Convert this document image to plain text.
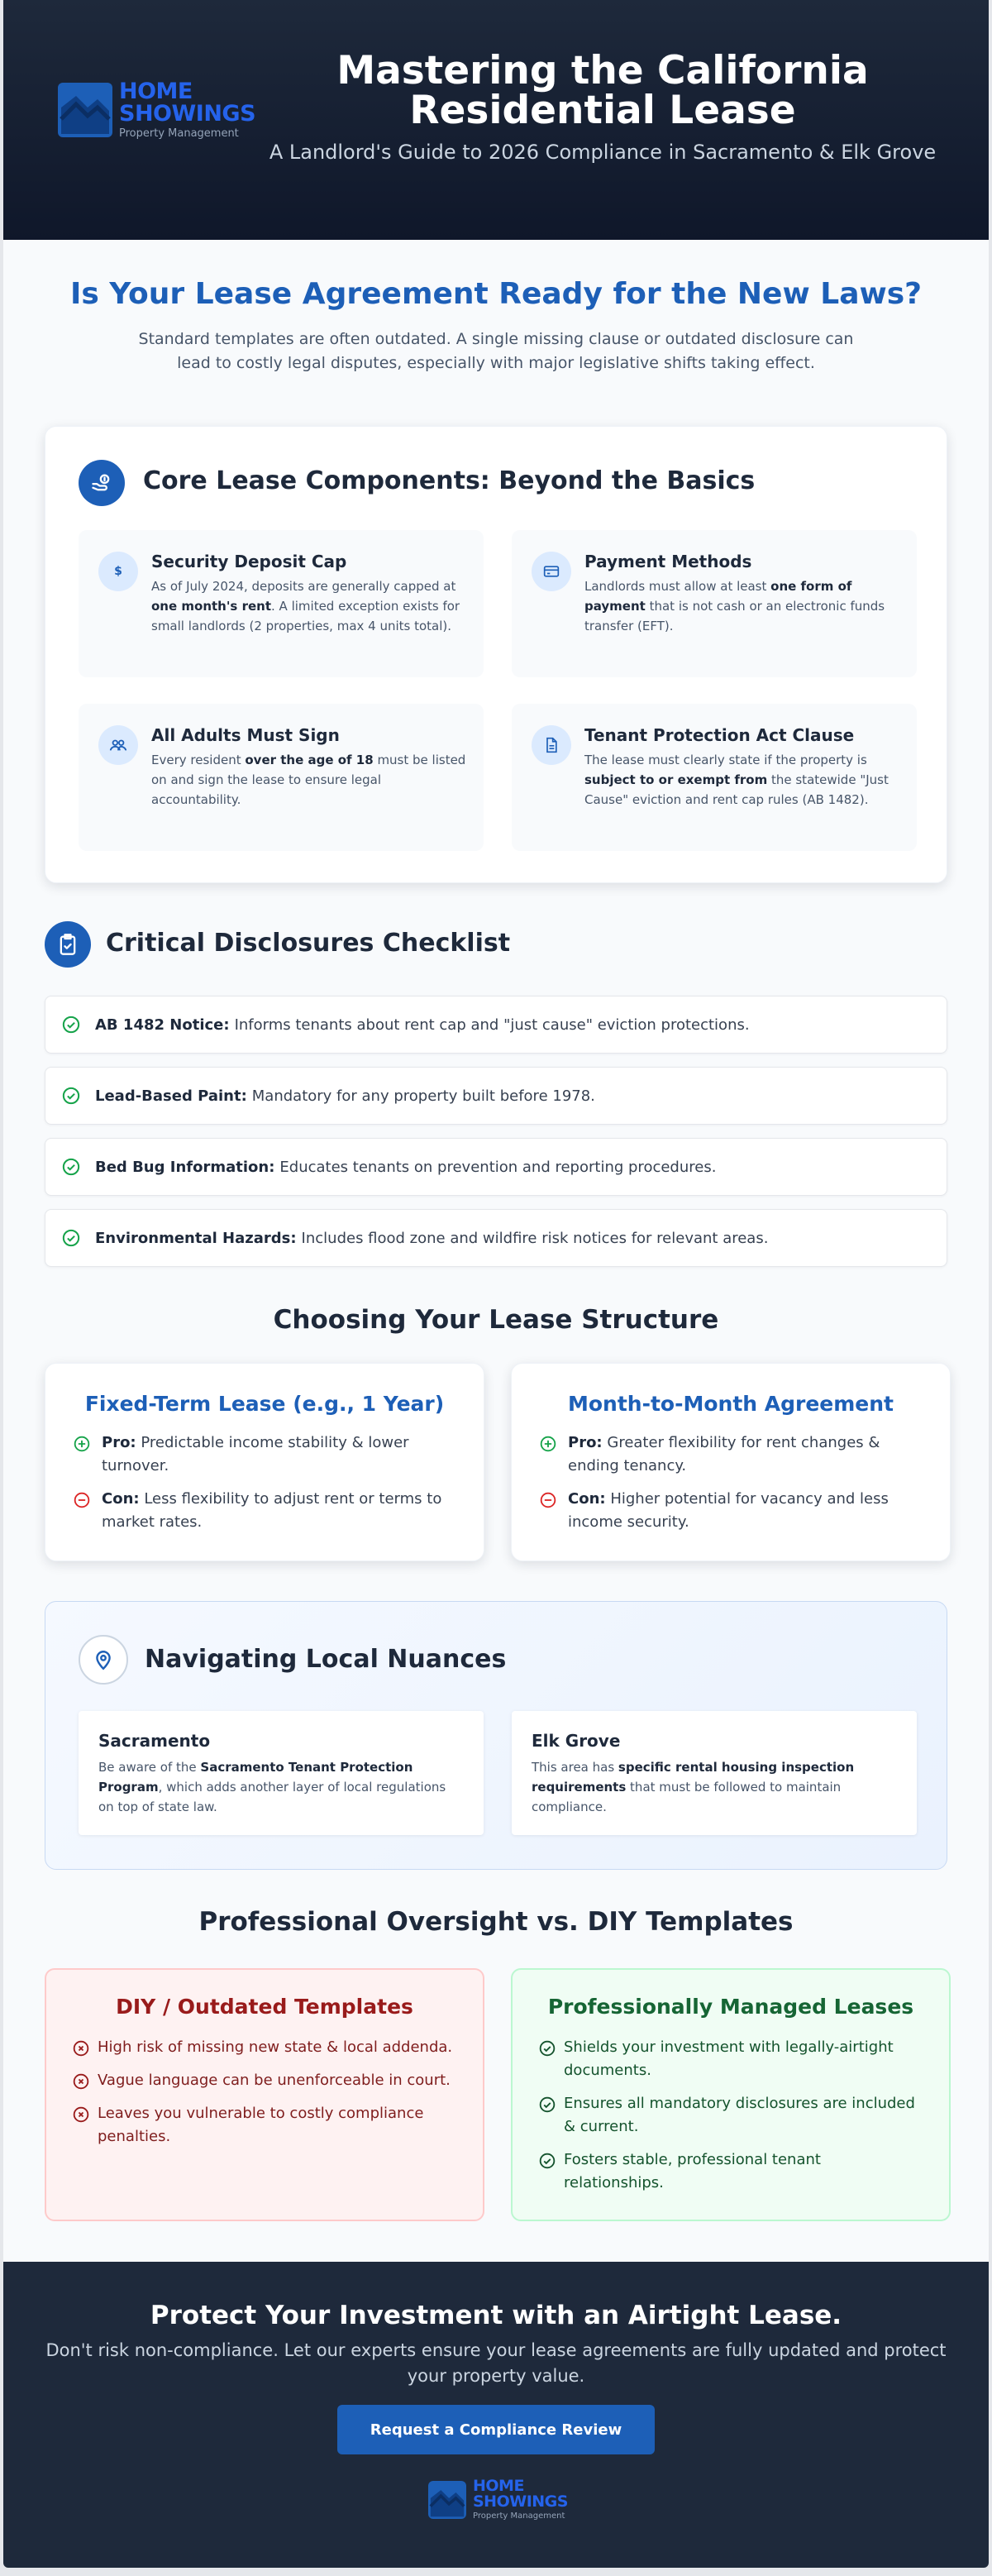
HOME
SHOWINGS
Property Management
Mastering the California
Residential Lease
A Landlord's Guide to 2026 Compliance in Sacramento & Elk Grove
Is Your Lease Agreement Ready for the New Laws?
Standard templates are often outdated. A single missing clause or outdated disclosure can lead to costly legal disputes, especially with major legislative shifts taking effect.
Core Lease Components: Beyond the Basics
$	Security Deposit Cap
As of July 2024, deposits are generally capped at one month's rent. A limited exception exists for small landlords (2 properties, max 4 units total).
Payment Methods
Landlords must allow at least one form of payment that is not cash or an electronic funds transfer (EFT).
All Adults Must Sign
Every resident over the age of 18 must be listed on and sign the lease to ensure legal accountability.
Tenant Protection Act Clause
The lease must clearly state if the property is subject to or exempt from the statewide "Just Cause" eviction and rent cap rules (AB 1482).
Critical Disclosures Checklist
AB 1482 Notice: Informs tenants about rent cap and "just cause" eviction protections.
Lead-Based Paint: Mandatory for any property built before 1978.
Bed Bug Information: Educates tenants on prevention and reporting procedures.
Environmental Hazards: Includes flood zone and wildfire risk notices for relevant areas.
Choosing Your Lease Structure
Fixed-Term Lease (e.g., 1 Year)
Pro: Predictable income stability & lower turnover.
Con: Less flexibility to adjust rent or terms to market rates.
Month-to-Month Agreement
Pro: Greater flexibility for rent changes & ending tenancy.
Con: Higher potential for vacancy and less income security.
Navigating Local Nuances
Sacramento
Be aware of the Sacramento Tenant Protection Program, which adds another layer of local regulations on top of state law.
Elk Grove
This area has specific rental housing inspection requirements that must be followed to maintain compliance.
Professional Oversight vs. DIY Templates
DIY / Outdated Templates
High risk of missing new state & local addenda.
Vague language can be unenforceable in court.
Leaves you vulnerable to costly compliance penalties.
Professionally Managed Leases
Shields your investment with legally-airtight documents.
Ensures all mandatory disclosures are included & current.
Fosters stable, professional tenant relationships.
Protect Your Investment with an Airtight Lease.
Don't risk non-compliance. Let our experts ensure your lease agreements are fully updated and protect your property value.
Request a Compliance Review
HOME
SHOWINGS
Property Management
